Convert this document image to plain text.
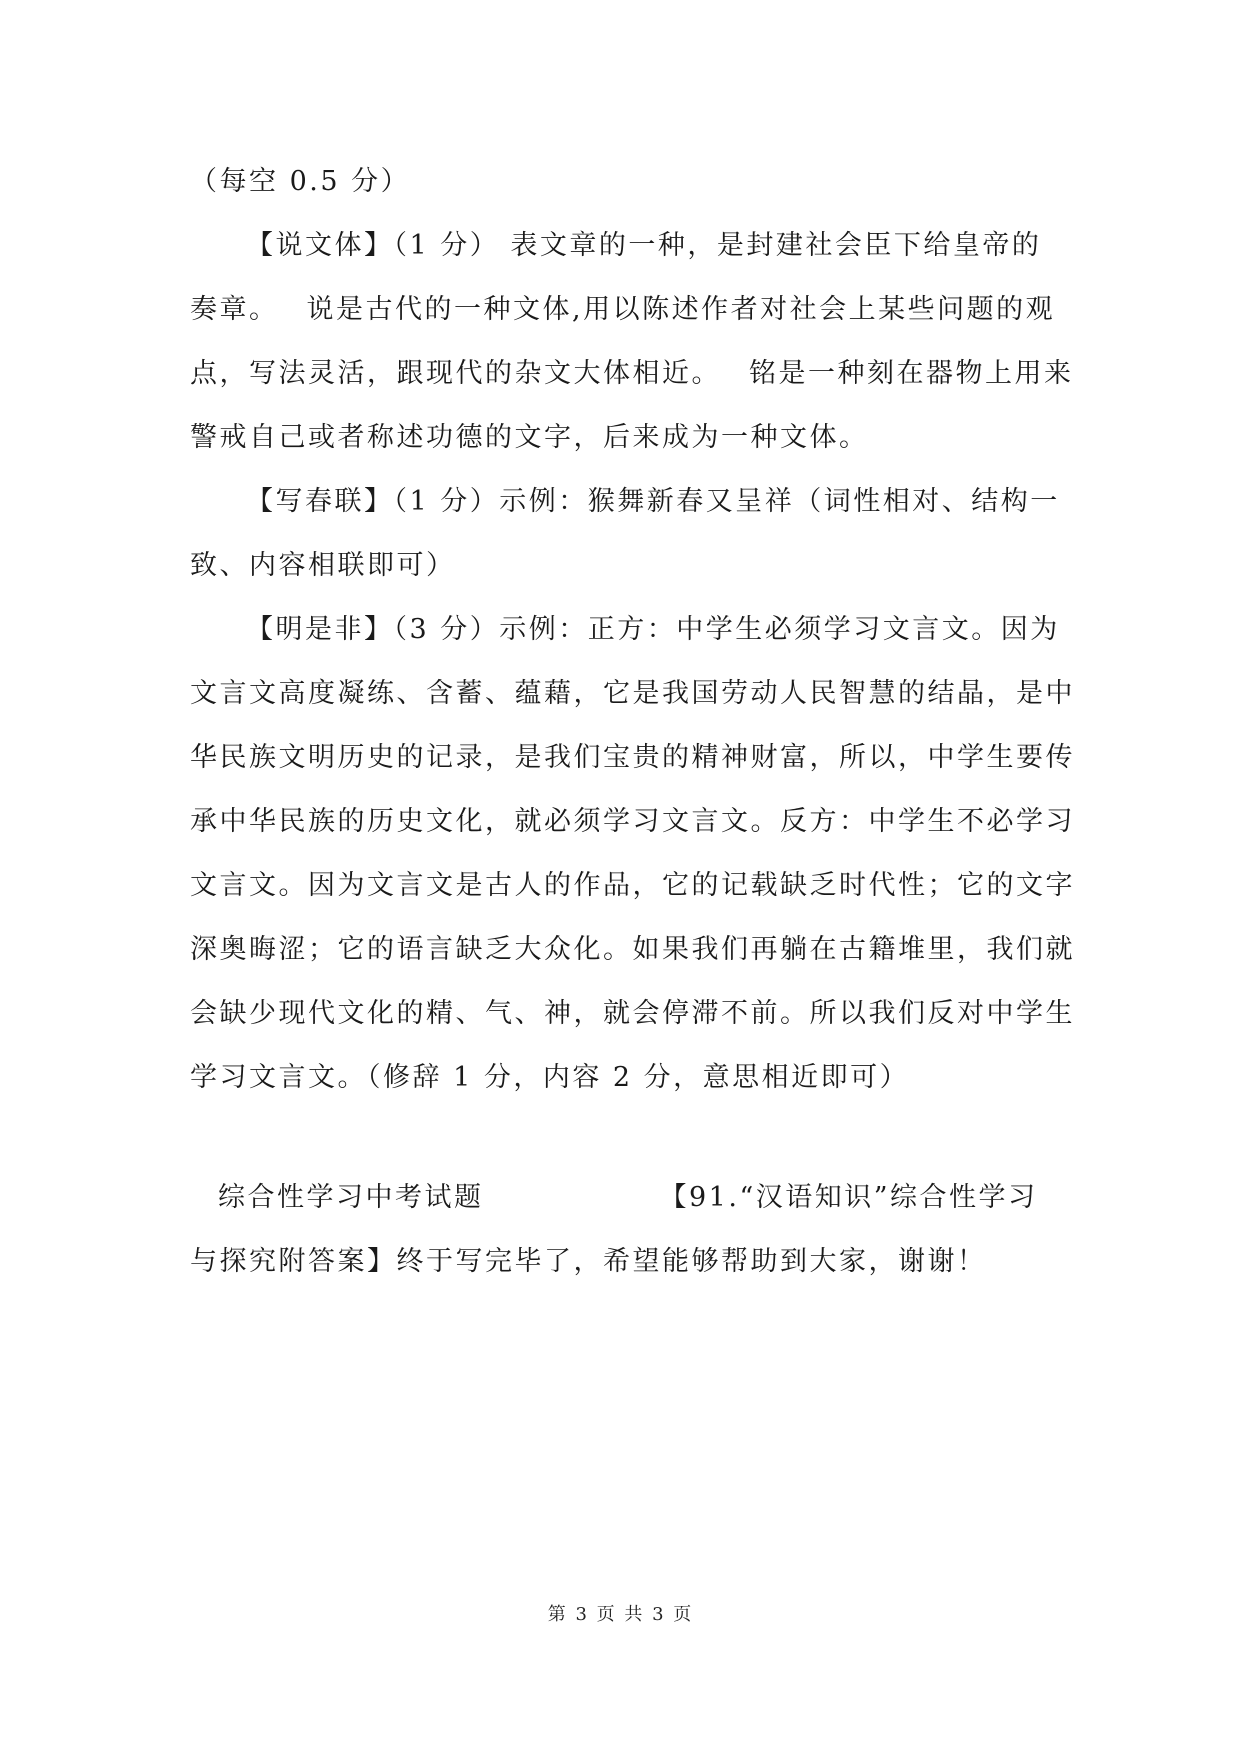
（每空 0.5 分）

【说文体】（1 分） 表文章的一种，是封建社会臣下给皇帝的

奏章。 说是古代的一种文体,用以陈述作者对社会上某些问题的观

点，写法灵活，跟现代的杂文大体相近。 铭是一种刻在器物上用来

警戒自己或者称述功德的文字，后来成为一种文体。

【写春联】（1 分）示例：猴舞新春又呈祥（词性相对、结构一

致、内容相联即可）

【明是非】（3 分）示例：正方：中学生必须学习文言文。因为

文言文高度凝练、含蓄、蕴藉，它是我国劳动人民智慧的结晶，是中

华民族文明历史的记录，是我们宝贵的精神财富，所以，中学生要传

承中华民族的历史文化，就必须学习文言文。反方：中学生不必学习

文言文。因为文言文是古人的作品，它的记载缺乏时代性；它的文字

深奥晦涩；它的语言缺乏大众化。如果我们再躺在古籍堆里，我们就

会缺少现代文化的精、气、神，就会停滞不前。所以我们反对中学生

学习文言文。（修辞 1 分，内容 2 分，意思相近即可）

综合性学习中考试题	【91.“汉语知识”综合性学习

与探究附答案】终于写完毕了，希望能够帮助到大家，谢谢！

第 3 页 共 3 页
